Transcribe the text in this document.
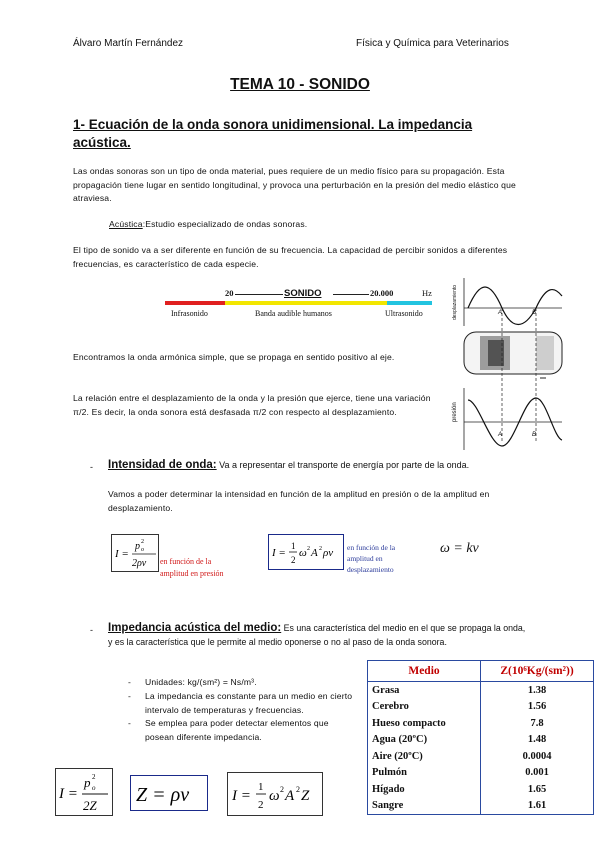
Álvaro Martín Fernández	Física y Química para Veterinarios
TEMA 10 - SONIDO
1- Ecuación de la onda sonora unidimensional. La impedancia acústica.
Las ondas sonoras son un tipo de onda material, pues requiere de un medio físico para su propagación. Esta propagación tiene lugar en sentido longitudinal, y provoca una perturbación en la presión del medio elástico que atraviesa.
Acústica:Estudio especializado de ondas sonoras.
El tipo de sonido va a ser diferente en función de su frecuencia. La capacidad de percibir sonidos a diferentes frecuencias, es característico de cada especie.
20	SONIDO	20.000	Hz
Infrasonido	Banda audible humanos	Ultrasonido
Encontramos la onda armónica simple, que se propaga en sentido positivo al eje.
La relación entre el desplazamiento de la onda y la presión que ejerce, tiene una variación π/2. Es decir, la onda sonora está desfasada π/2 con respecto al desplazamiento.
desplazamiento
presión
A	B
A	B
- Intensidad de onda: Va a representar el transporte de energía por parte de la onda.
Vamos a poder determinar la intensidad en función de la amplitud en presión o de la amplitud en desplazamiento.
I =
p o
2
2ρv en función de la amplitud en presión
I =
1
2
ω 2 A 2 ρv en función de la amplitud en desplazamiento
ω = kv
- Impedancia acústica del medio: Es una característica del medio en el que se propaga la onda, y es la característica que le permite al medio oponerse o no al paso de la onda sonora.
- Unidades: kg/(sm²) = Ns/m³.
- La impedancia es constante para un medio en cierto intervalo de temperaturas y frecuencias.
- Se emplea para poder detectar elementos que posean diferente impedancia.
Medio	Z(10⁶Kg/(sm²))
Grasa	1.38
Cerebro	1.56
Hueso compacto	7.8
Agua (20ºC)	1.48
Aire (20ºC)	0.0004
Pulmón	0.001
Hígado	1.65
Sangre	1.61
I =
p o
2
2Z Z = ρv	I =
1
2
ω 2 A 2 Z
